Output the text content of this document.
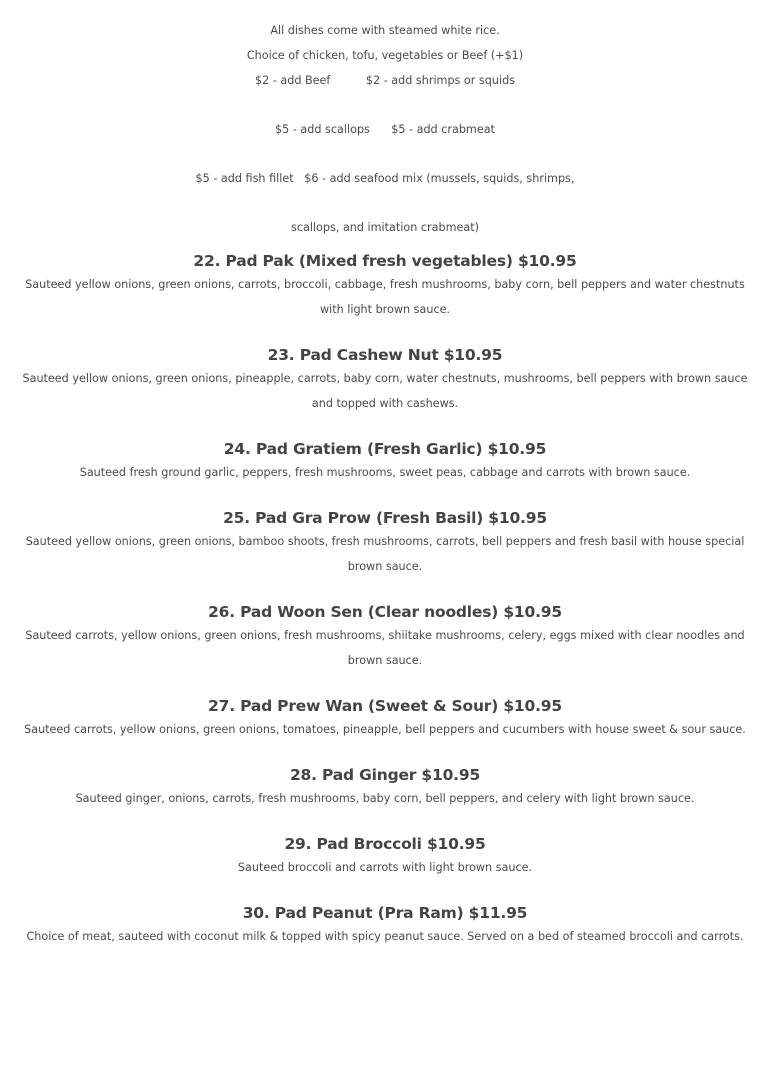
All dishes come with steamed white rice.
Choice of chicken, tofu, vegetables or Beef (+$1)
$2 - add Beef          $2 - add shrimps or squids
$5 - add scallops      $5 - add crabmeat
$5 - add fish fillet   $6 - add seafood mix (mussels, squids, shrimps,
scallops, and imitation crabmeat)
22. Pad Pak (Mixed fresh vegetables) $10.95

Sauteed yellow onions, green onions, carrots, broccoli, cabbage, fresh mushrooms, baby corn, bell peppers and water chestnuts with light brown sauce.

23. Pad Cashew Nut $10.95

Sauteed yellow onions, green onions, pineapple, carrots, baby corn, water chestnuts, mushrooms, bell peppers with brown sauce and topped with cashews.

24. Pad Gratiem (Fresh Garlic) $10.95

Sauteed fresh ground garlic, peppers, fresh mushrooms, sweet peas, cabbage and carrots with brown sauce.

25. Pad Gra Prow (Fresh Basil) $10.95

Sauteed yellow onions, green onions, bamboo shoots, fresh mushrooms, carrots, bell peppers and fresh basil with house special brown sauce.

26. Pad Woon Sen (Clear noodles) $10.95

Sauteed carrots, yellow onions, green onions, fresh mushrooms, shiitake mushrooms, celery, eggs mixed with clear noodles and brown sauce.

27. Pad Prew Wan (Sweet & Sour) $10.95

Sauteed carrots, yellow onions, green onions, tomatoes, pineapple, bell peppers and cucumbers with house sweet & sour sauce.

28. Pad Ginger $10.95

Sauteed ginger, onions, carrots, fresh mushrooms, baby corn, bell peppers, and celery with light brown sauce.

29. Pad Broccoli $10.95

Sauteed broccoli and carrots with light brown sauce.

30. Pad Peanut (Pra Ram) $11.95

Choice of meat, sauteed with coconut milk & topped with spicy peanut sauce. Served on a bed of steamed broccoli and carrots.
